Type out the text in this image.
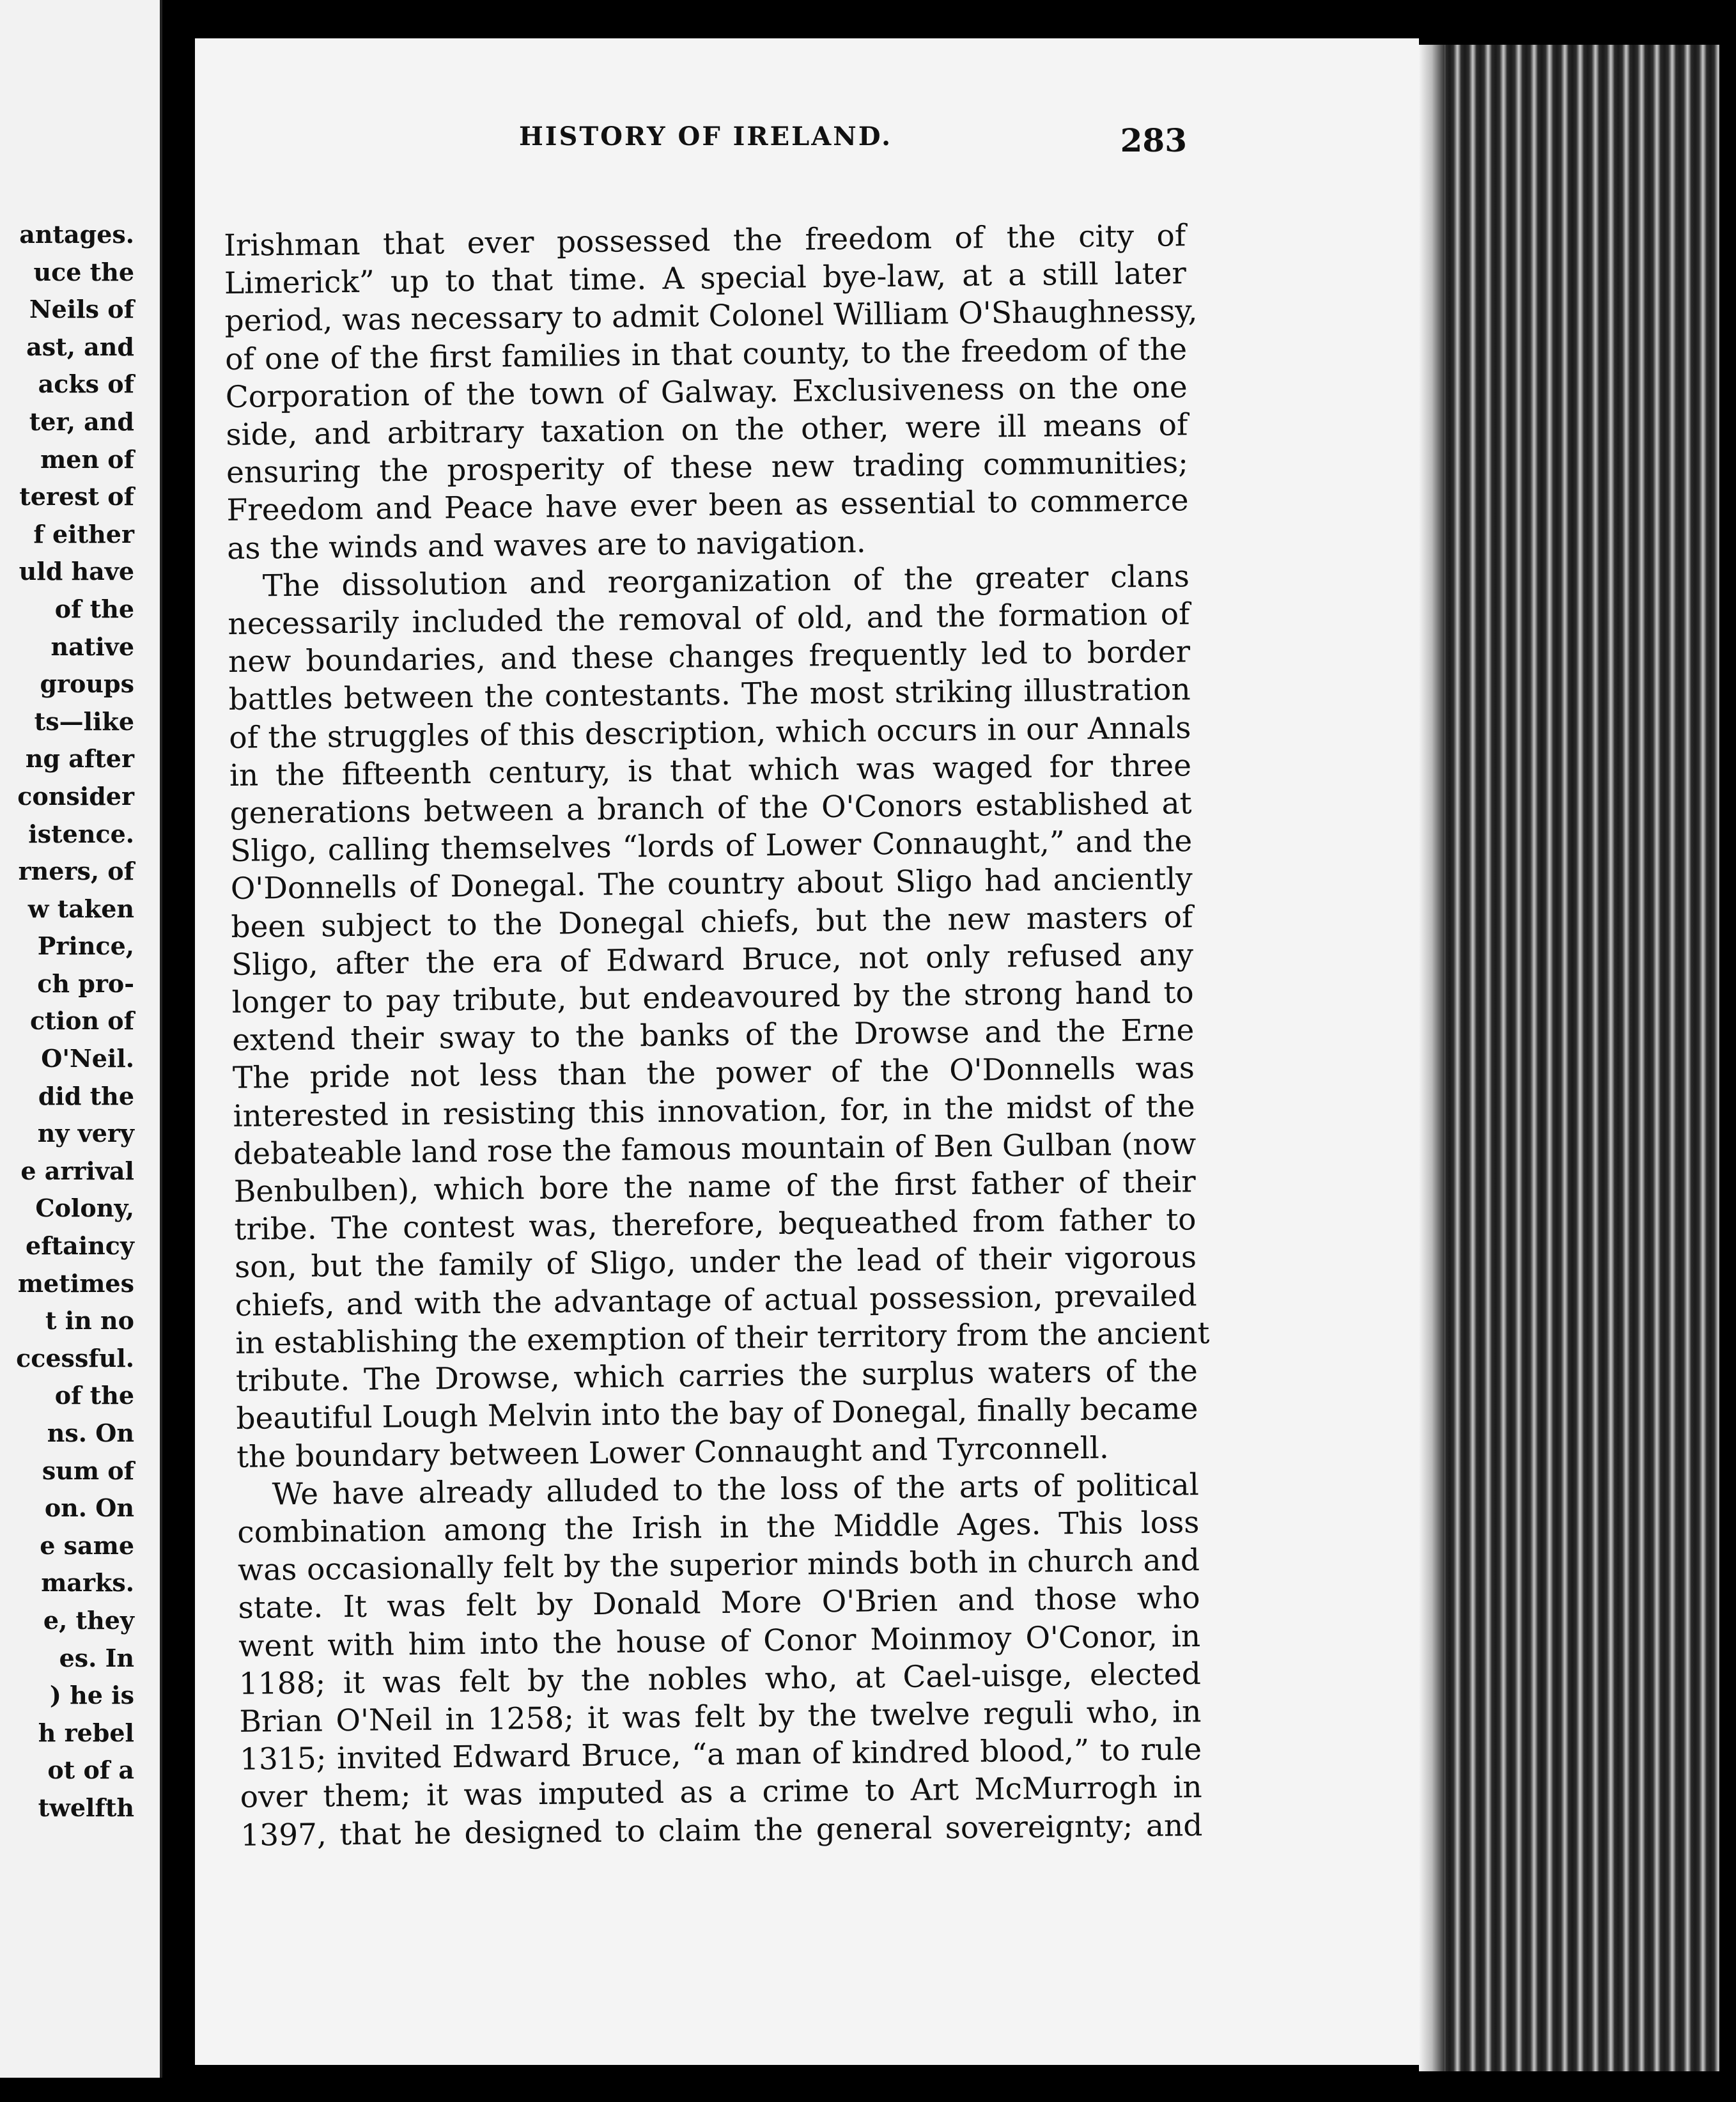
antages.
uce the
Neils of
ast, and
acks of
ter, and
men of
terest of
f either
uld have
of the
native
groups
ts—like
ng after
consider
istence.
rners, of
w taken
Prince,
ch pro-
ction of
O'Neil.
did the
ny very
e arrival
Colony,
eftaincy
metimes
t in no
ccessful.
of the
ns. On
sum of
on. On
e same
marks.
e, they
es. In
) he is
h rebel
ot of a
twelfth
HISTORY OF IRELAND.	283
Irishman that ever possessed the freedom of the city of
Limerick” up to that time. A special bye-law, at a still later
period, was necessary to admit Colonel William O'Shaughnessy,
of one of the first families in that county, to the freedom of the
Corporation of the town of Galway. Exclusiveness on the one
side, and arbitrary taxation on the other, were ill means of
ensuring the prosperity of these new trading communities;
Freedom and Peace have ever been as essential to commerce
as the winds and waves are to navigation.
The dissolution and reorganization of the greater clans
necessarily included the removal of old, and the formation of
new boundaries, and these changes frequently led to border
battles between the contestants. The most striking illustration
of the struggles of this description, which occurs in our Annals
in the fifteenth century, is that which was waged for three
generations between a branch of the O'Conors established at
Sligo, calling themselves “lords of Lower Connaught,” and the
O'Donnells of Donegal. The country about Sligo had anciently
been subject to the Donegal chiefs, but the new masters of
Sligo, after the era of Edward Bruce, not only refused any
longer to pay tribute, but endeavoured by the strong hand to
extend their sway to the banks of the Drowse and the Erne
The pride not less than the power of the O'Donnells was
interested in resisting this innovation, for, in the midst of the
debateable land rose the famous mountain of Ben Gulban (now
Benbulben), which bore the name of the first father of their
tribe. The contest was, therefore, bequeathed from father to
son, but the family of Sligo, under the lead of their vigorous
chiefs, and with the advantage of actual possession, prevailed
in establishing the exemption of their territory from the ancient
tribute. The Drowse, which carries the surplus waters of the
beautiful Lough Melvin into the bay of Donegal, finally became
the boundary between Lower Connaught and Tyrconnell.
We have already alluded to the loss of the arts of political
combination among the Irish in the Middle Ages. This loss
was occasionally felt by the superior minds both in church and
state. It was felt by Donald More O'Brien and those who
went with him into the house of Conor Moinmoy O'Conor, in
1188; it was felt by the nobles who, at Cael-uisge, elected
Brian O'Neil in 1258; it was felt by the twelve reguli who, in
1315; invited Edward Bruce, “a man of kindred blood,” to rule
over them; it was imputed as a crime to Art McMurrogh in
1397, that he designed to claim the general sovereignty; and
